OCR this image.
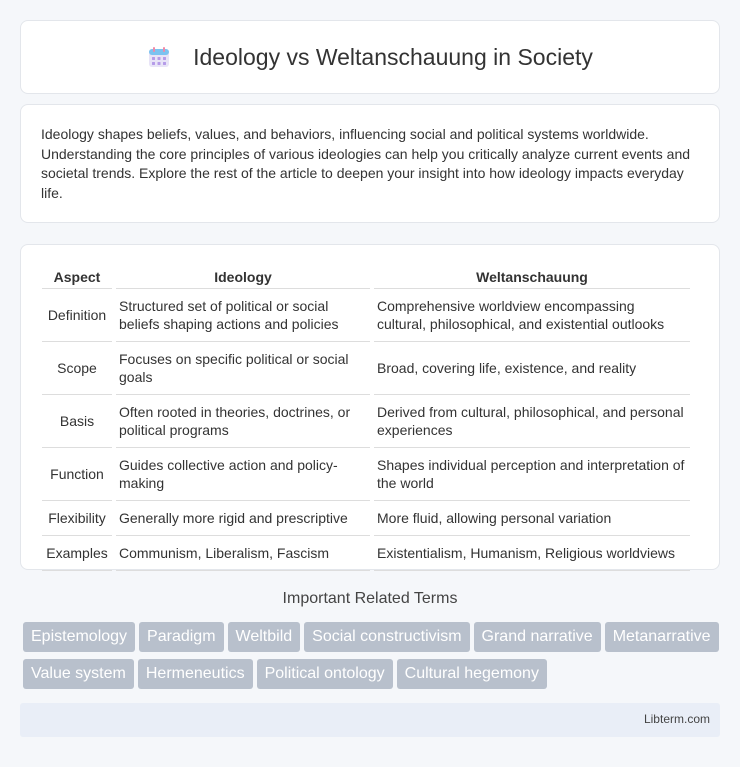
Ideology vs Weltanschauung in Society

Ideology shapes beliefs, values, and behaviors, influencing social and political systems worldwide. Understanding the core principles of various ideologies can help you critically analyze current events and societal trends. Explore the rest of the article to deepen your insight into how ideology impacts everyday life.

Aspect	Ideology	Weltanschauung
Definition	Structured set of political or social beliefs shaping actions and policies	Comprehensive worldview encompassing cultural, philosophical, and existential outlooks
Scope	Focuses on specific political or social goals	Broad, covering life, existence, and reality
Basis	Often rooted in theories, doctrines, or political programs	Derived from cultural, philosophical, and personal experiences
Function	Guides collective action and policy-making	Shapes individual perception and interpretation of the world
Flexibility	Generally more rigid and prescriptive	More fluid, allowing personal variation
Examples	Communism, Liberalism, Fascism	Existentialism, Humanism, Religious worldviews
Important Related Terms
Epistemology Paradigm Weltbild Social constructivism Grand narrative MetanarrativeValue system Hermeneutics Political ontology Cultural hegemony
Libterm.com
